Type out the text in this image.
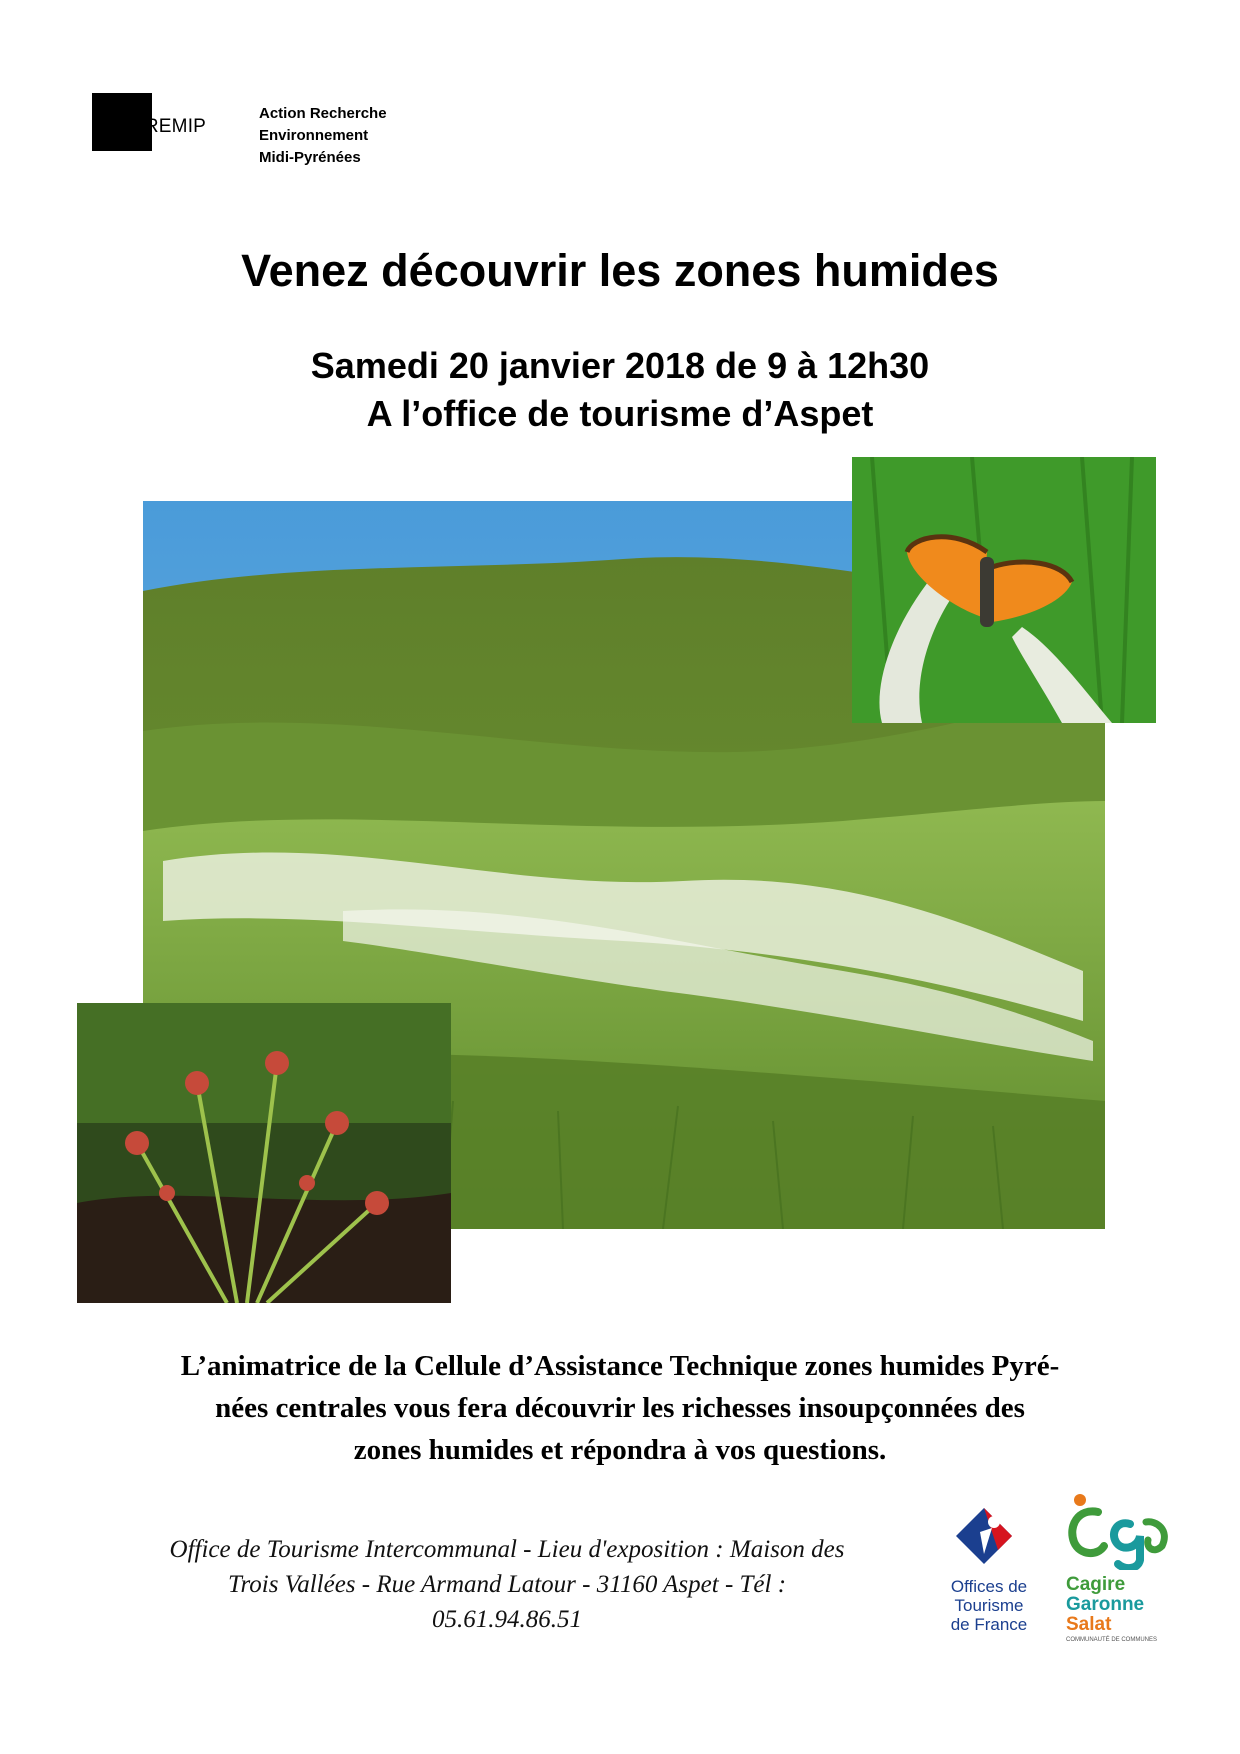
AREMIP
Action Recherche
Environnement
Midi-Pyrénées
Venez découvrir les zones humides
Samedi 20 janvier 2018 de 9 à 12h30
A l’office de tourisme d’Aspet
L’animatrice de la Cellule d’Assistance Technique zones humides Pyré-
nées centrales vous fera découvrir les richesses insoupçonnées des
zones humides et répondra à vos questions.
Office de Tourisme Intercommunal - Lieu d'exposition : Maison des
Trois Vallées - Rue Armand Latour - 31160 Aspet - Tél :
05.61.94.86.51
Offices de
Tourisme
de France
Cagire
Garonne
Salat
COMMUNAUTÉ DE COMMUNES
